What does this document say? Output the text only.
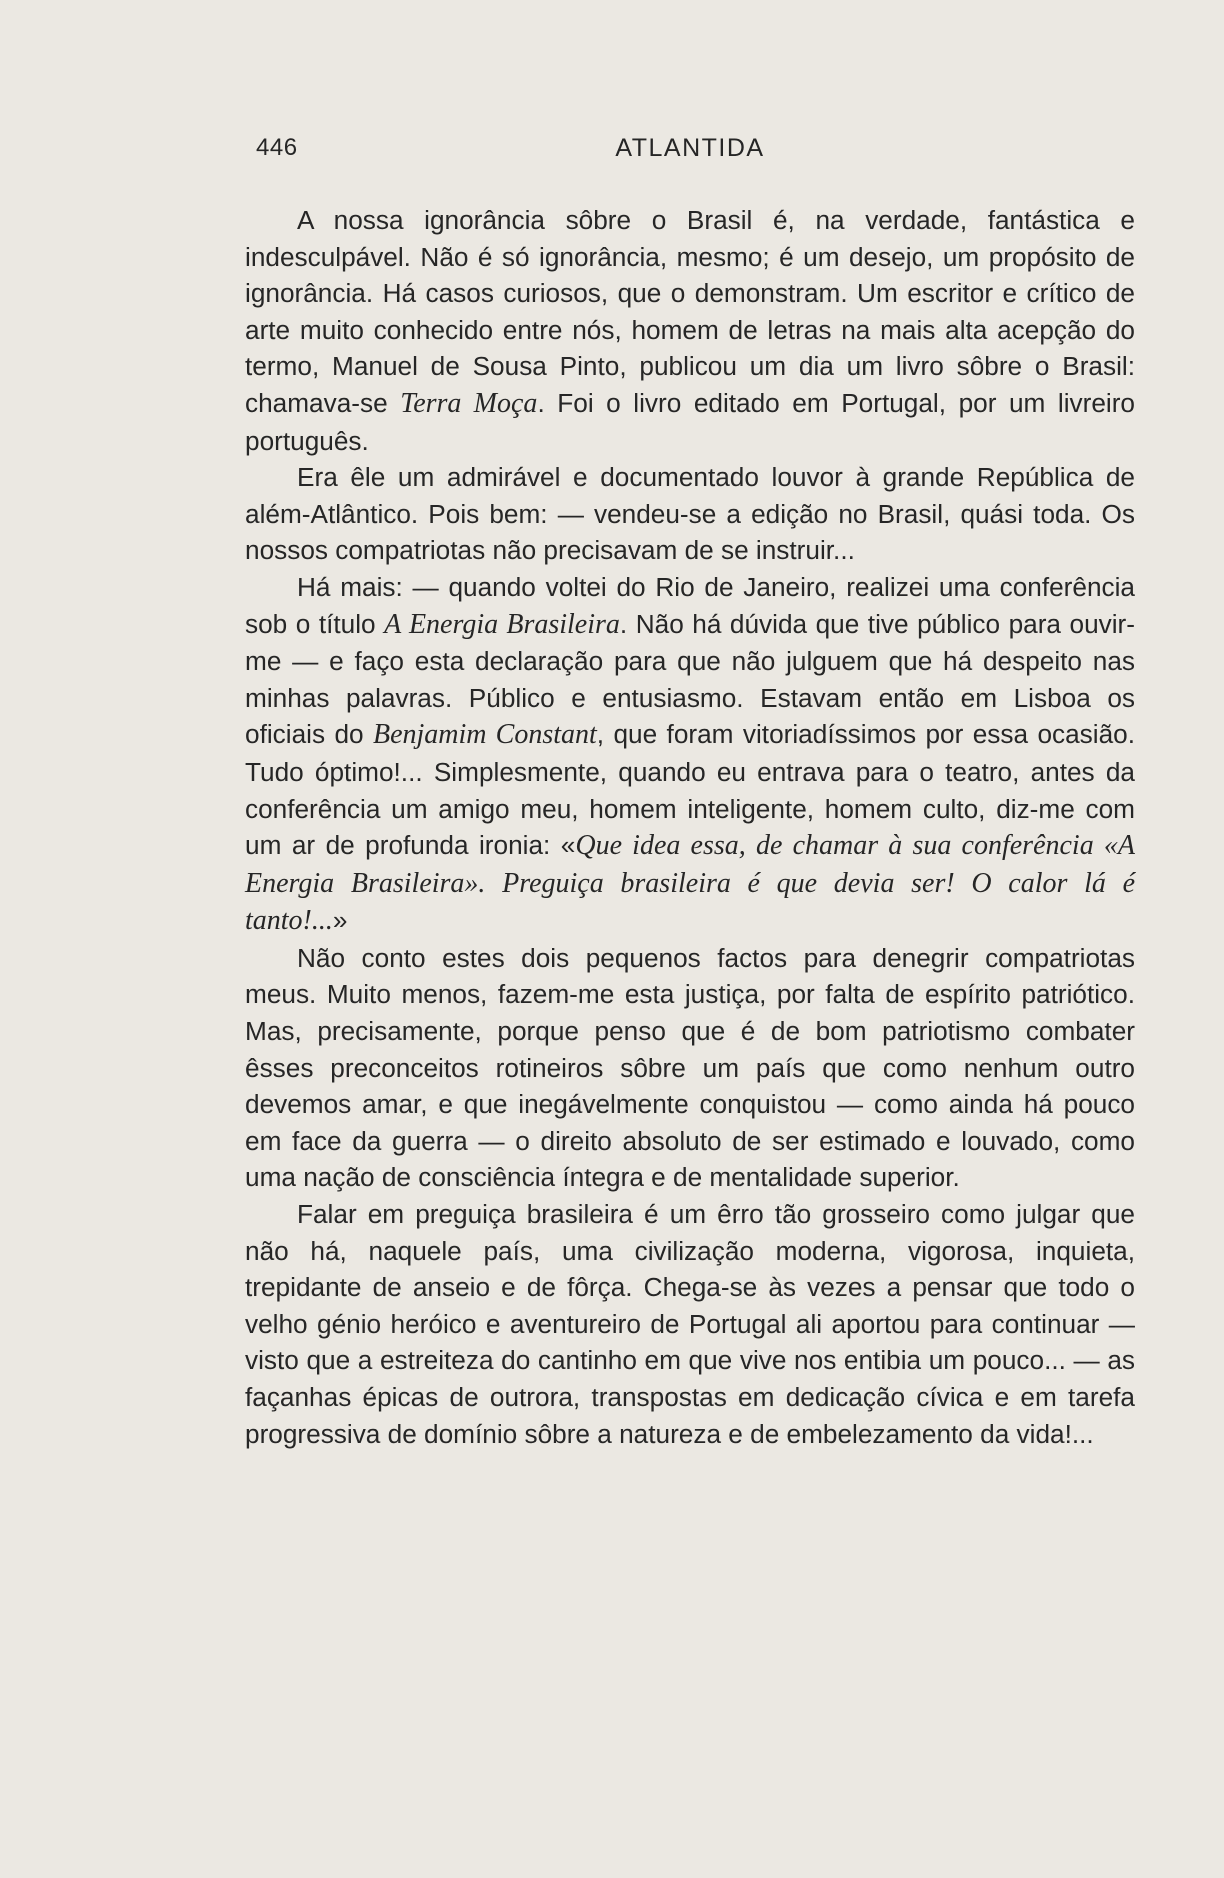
446	ATLANTIDA

A nossa ignorância sôbre o Brasil é, na verdade, fantástica e indesculpável. Não é só ignorância, mesmo; é um desejo, um propósito de ignorância. Há casos curiosos, que o demonstram. Um escritor e crítico de arte muito conhecido entre nós, homem de letras na mais alta acepção do termo, Manuel de Sousa Pinto, publicou um dia um livro sôbre o Brasil: chamava-se Terra Moça. Foi o livro editado em Portugal, por um livreiro português.

Era êle um admirável e documentado louvor à grande República de além-Atlântico. Pois bem: — vendeu-se a edição no Brasil, quási toda. Os nossos compatriotas não precisavam de se instruir...

Há mais: — quando voltei do Rio de Janeiro, realizei uma conferência sob o título A Energia Brasileira. Não há dúvida que tive público para ouvir-me — e faço esta declaração para que não julguem que há despeito nas minhas palavras. Público e entusiasmo. Estavam então em Lisboa os oficiais do Benjamim Constant, que foram vitoriadíssimos por essa ocasião. Tudo óptimo!... Simplesmente, quando eu entrava para o teatro, antes da conferência um amigo meu, homem inteligente, homem culto, diz-me com um ar de profunda ironia: «Que idea essa, de chamar à sua conferência «A Energia Brasileira». Preguiça brasileira é que devia ser! O calor lá é tanto!...»

Não conto estes dois pequenos factos para denegrir compatriotas meus. Muito menos, fazem-me esta justiça, por falta de espírito patriótico. Mas, precisamente, porque penso que é de bom patriotismo combater êsses preconceitos rotineiros sôbre um país que como nenhum outro devemos amar, e que inegávelmente conquistou — como ainda há pouco em face da guerra — o direito absoluto de ser estimado e louvado, como uma nação de consciência íntegra e de mentalidade superior.

Falar em preguiça brasileira é um êrro tão grosseiro como julgar que não há, naquele país, uma civilização moderna, vigorosa, inquieta, trepidante de anseio e de fôrça. Chega-se às vezes a pensar que todo o velho génio heróico e aventureiro de Portugal ali aportou para continuar — visto que a estreiteza do cantinho em que vive nos entibia um pouco... — as façanhas épicas de outrora, transpostas em dedicação cívica e em tarefa progressiva de domínio sôbre a natureza e de embelezamento da vida!...
